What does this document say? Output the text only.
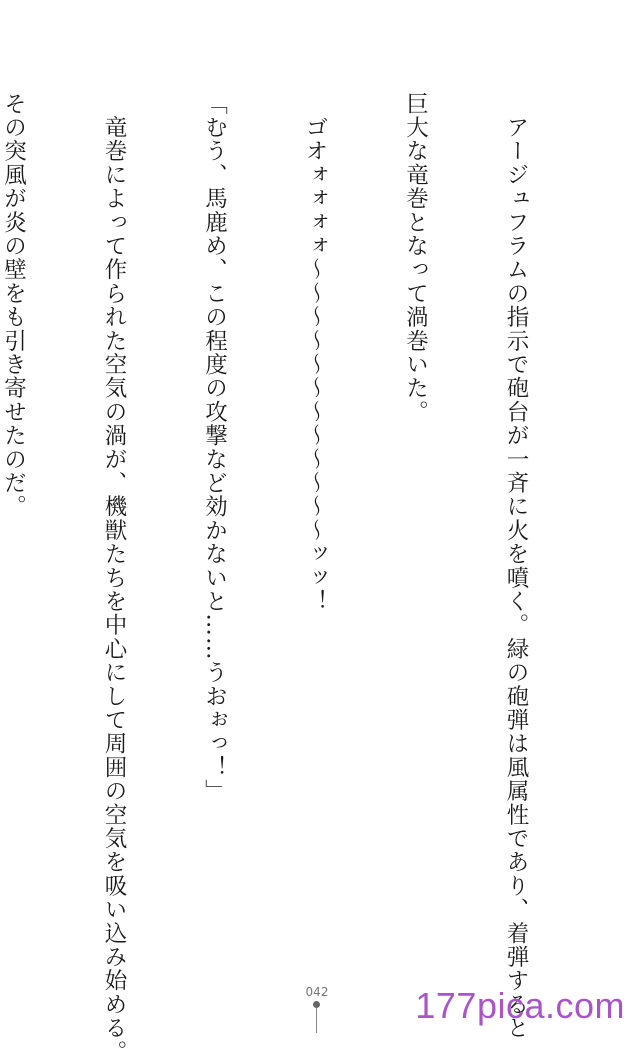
　アージュフラムの指示で砲台が一斉に火を噴く。緑の砲弾は風属性であり、着弾すると

巨大な竜巻となって渦巻いた。

　ゴオォォォォ〜〜〜〜〜〜〜〜〜〜〜〜ッッ！

「むう、馬鹿め、この程度の攻撃など効かないと……うおぉっ！」

　竜巻によって作られた空気の渦が、機獣たちを中心にして周囲の空気を吸い込み始める。

その突風が炎の壁をも引き寄せたのだ。

042 177pica.com
